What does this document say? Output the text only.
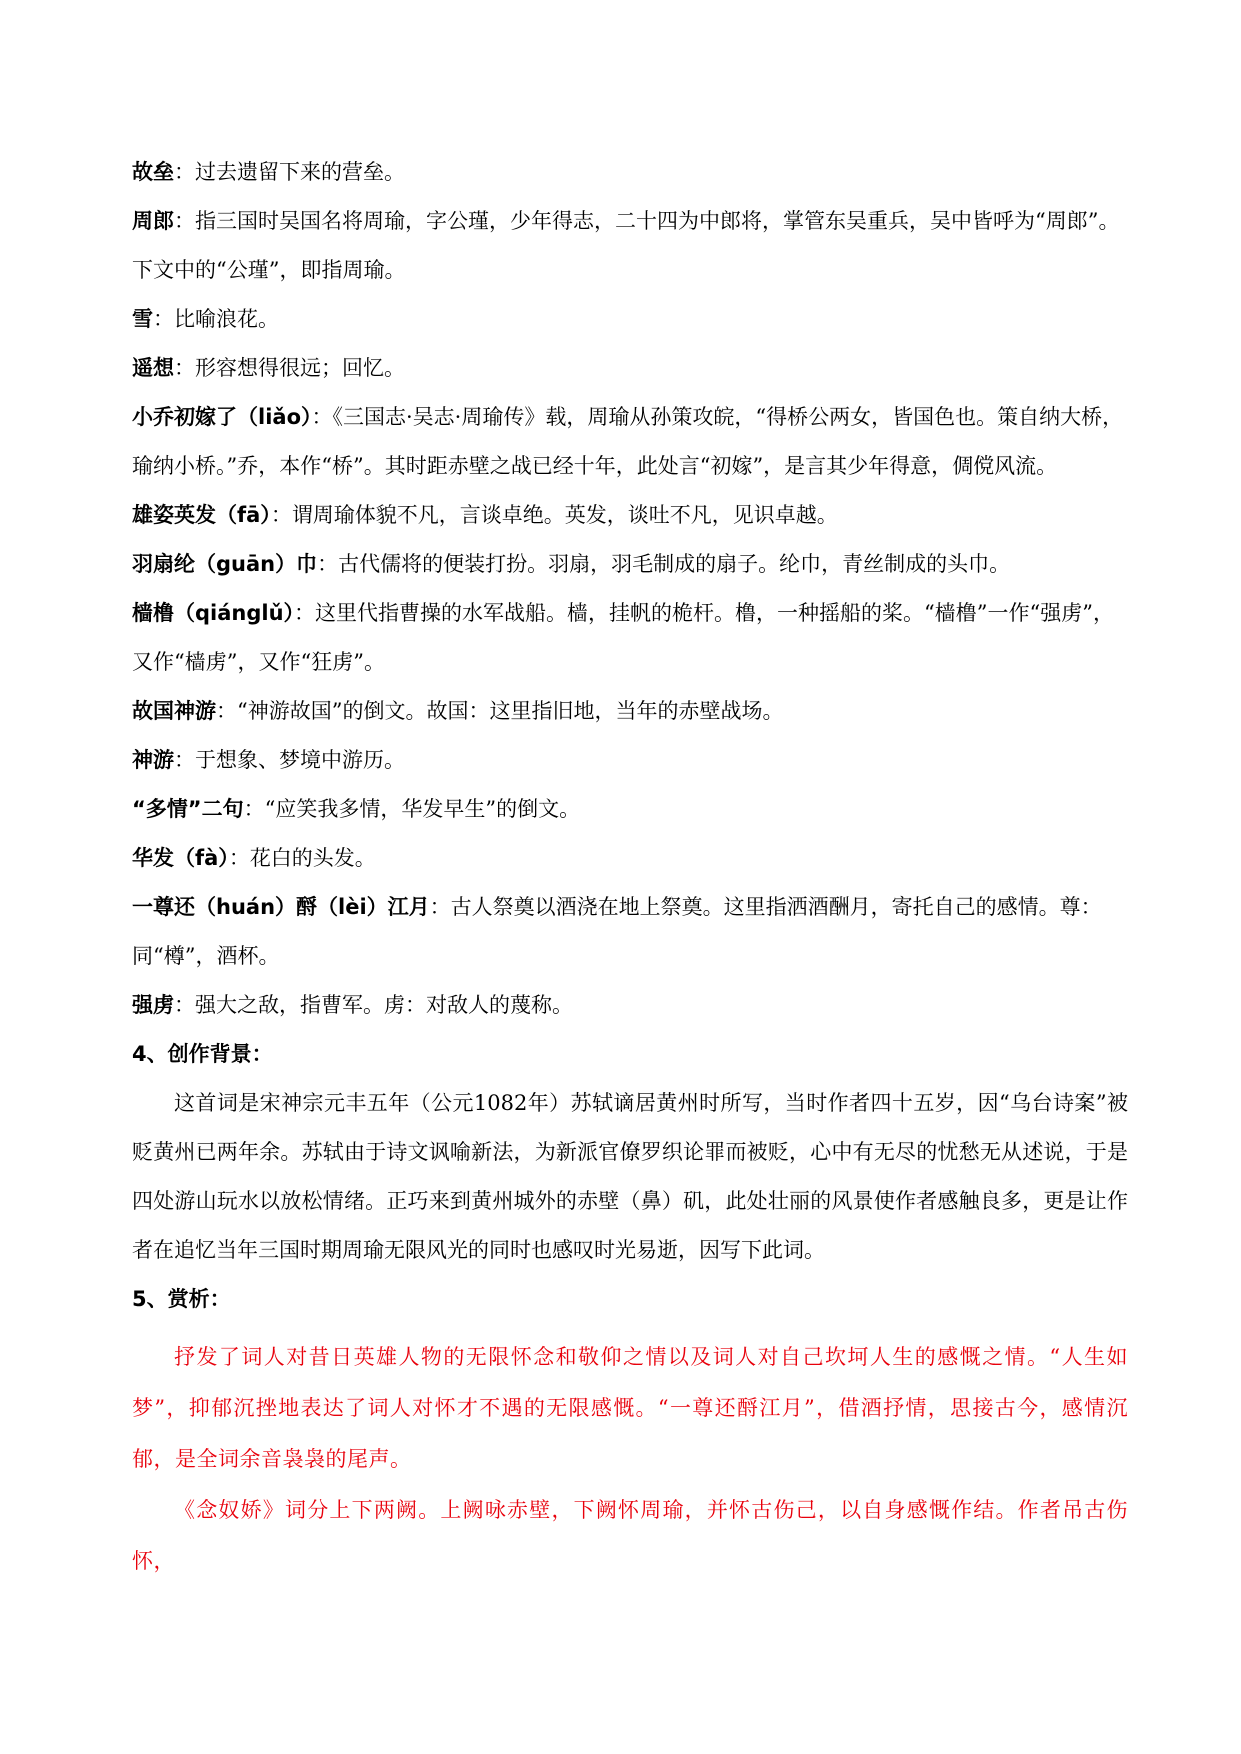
故垒：过去遗留下来的营垒。

周郎：指三国时吴国名将周瑜，字公瑾，少年得志，二十四为中郎将，掌管东吴重兵，吴中皆呼为“周郎”。下文中的“公瑾”，即指周瑜。

雪：比喻浪花。

遥想：形容想得很远；回忆。

小乔初嫁了（liǎo）：《三国志·吴志·周瑜传》载，周瑜从孙策攻皖，“得桥公两女，皆国色也。策自纳大桥，瑜纳小桥。”乔，本作“桥”。其时距赤壁之战已经十年，此处言“初嫁”，是言其少年得意，倜傥风流。

雄姿英发（fā）：谓周瑜体貌不凡，言谈卓绝。英发，谈吐不凡，见识卓越。

羽扇纶（guān）巾：古代儒将的便装打扮。羽扇，羽毛制成的扇子。纶巾，青丝制成的头巾。

樯橹（qiánglǔ）：这里代指曹操的水军战船。樯，挂帆的桅杆。橹，一种摇船的桨。“樯橹”一作“强虏”，又作“樯虏”，又作“狂虏”。

故国神游：“神游故国”的倒文。故国：这里指旧地，当年的赤壁战场。

神游：于想象、梦境中游历。

“多情”二句：“应笑我多情，华发早生”的倒文。

华发（fà）：花白的头发。

一尊还（huán）酹（lèi）江月：古人祭奠以酒浇在地上祭奠。这里指洒酒酬月，寄托自己的感情。尊：同“樽”，酒杯。

强虏：强大之敌，指曹军。虏：对敌人的蔑称。

4、创作背景：

这首词是宋神宗元丰五年（公元1082年）苏轼谪居黄州时所写，当时作者四十五岁，因“乌台诗案”被贬黄州已两年余。苏轼由于诗文讽喻新法，为新派官僚罗织论罪而被贬，心中有无尽的忧愁无从述说，于是四处游山玩水以放松情绪。正巧来到黄州城外的赤壁（鼻）矶，此处壮丽的风景使作者感触良多，更是让作者在追忆当年三国时期周瑜无限风光的同时也感叹时光易逝，因写下此词。

5、赏析：

抒发了词人对昔日英雄人物的无限怀念和敬仰之情以及词人对自己坎坷人生的感慨之情。“人生如梦”，抑郁沉挫地表达了词人对怀才不遇的无限感慨。“一尊还酹江月”，借酒抒情，思接古今，感情沉郁，是全词余音袅袅的尾声。

《念奴娇》词分上下两阙。上阙咏赤壁，下阙怀周瑜，并怀古伤己，以自身感慨作结。作者吊古伤怀，
